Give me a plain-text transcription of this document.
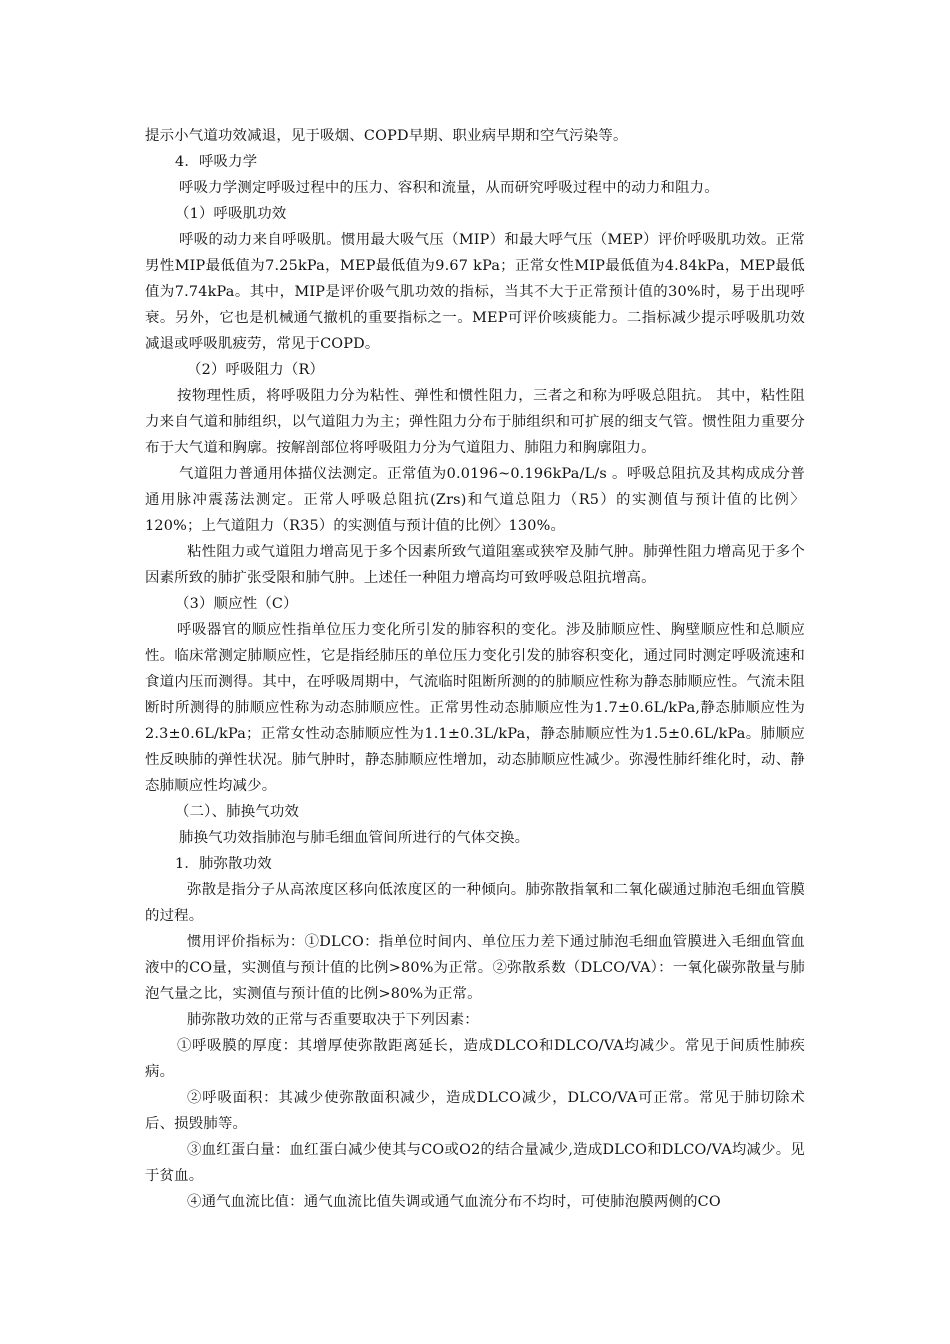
提示小气道功效减退，见于吸烟、COPD早期、职业病早期和空气污染等。

4．呼吸力学

呼吸力学测定呼吸过程中的压力、容积和流量，从而研究呼吸过程中的动力和阻力。

（1）呼吸肌功效

呼吸的动力来自呼吸肌。惯用最大吸气压（MIP）和最大呼气压（MEP）评价呼吸肌功效。正常男性MIP最低值为7.25kPa，MEP最低值为9.67 kPa；正常女性MIP最低值为4.84kPa，MEP最低值为7.74kPa。其中，MIP是评价吸气肌功效的指标，当其不大于正常预计值的30%时，易于出现呼衰。另外，它也是机械通气撤机的重要指标之一。MEP可评价咳痰能力。二指标减少提示呼吸肌功效减退或呼吸肌疲劳，常见于COPD。

（2）呼吸阻力（R）

按物理性质，将呼吸阻力分为粘性、弹性和惯性阻力，三者之和称为呼吸总阻抗。 其中，粘性阻力来自气道和肺组织，以气道阻力为主；弹性阻力分布于肺组织和可扩展的细支气管。惯性阻力重要分布于大气道和胸廓。按解剖部位将呼吸阻力分为气道阻力、肺阻力和胸廓阻力。

气道阻力普通用体描仪法测定。正常值为0.0196~0.196kPa/L/s 。呼吸总阻抗及其构成成分普通用脉冲震荡法测定。正常人呼吸总阻抗(Zrs)和气道总阻力（R5）的实测值与预计值的比例〉120%；上气道阻力（R35）的实测值与预计值的比例〉130%。

粘性阻力或气道阻力增高见于多个因素所致气道阻塞或狭窄及肺气肿。肺弹性阻力增高见于多个因素所致的肺扩张受限和肺气肿。上述任一种阻力增高均可致呼吸总阻抗增高。

（3）顺应性（C）

呼吸器官的顺应性指单位压力变化所引发的肺容积的变化。涉及肺顺应性、胸壁顺应性和总顺应性。临床常测定肺顺应性，它是指经肺压的单位压力变化引发的肺容积变化，通过同时测定呼吸流速和食道内压而测得。其中，在呼吸周期中，气流临时阻断所测的的肺顺应性称为静态肺顺应性。气流未阻断时所测得的肺顺应性称为动态肺顺应性。正常男性动态肺顺应性为1.7±0.6L/kPa,静态肺顺应性为2.3±0.6L/kPa；正常女性动态肺顺应性为1.1±0.3L/kPa，静态肺顺应性为1.5±0.6L/kPa。肺顺应性反映肺的弹性状况。肺气肿时，静态肺顺应性增加，动态肺顺应性减少。弥漫性肺纤维化时，动、静态肺顺应性均减少。

（二）、肺换气功效

肺换气功效指肺泡与肺毛细血管间所进行的气体交换。

1．肺弥散功效

弥散是指分子从高浓度区移向低浓度区的一种倾向。肺弥散指氧和二氧化碳通过肺泡毛细血管膜的过程。

惯用评价指标为：①DLCO：指单位时间内、单位压力差下通过肺泡毛细血管膜进入毛细血管血液中的CO量，实测值与预计值的比例>80%为正常。②弥散系数（DLCO/VA）：一氧化碳弥散量与肺泡气量之比，实测值与预计值的比例>80%为正常。

肺弥散功效的正常与否重要取决于下列因素：

①呼吸膜的厚度：其增厚使弥散距离延长，造成DLCO和DLCO/VA均减少。常见于间质性肺疾病。

②呼吸面积：其减少使弥散面积减少，造成DLCO减少，DLCO/VA可正常。常见于肺切除术后、损毁肺等。

③血红蛋白量：血红蛋白减少使其与CO或O2的结合量减少,造成DLCO和DLCO/VA均减少。见于贫血。

④通气血流比值：通气血流比值失调或通气血流分布不均时，可使肺泡膜两侧的CO
